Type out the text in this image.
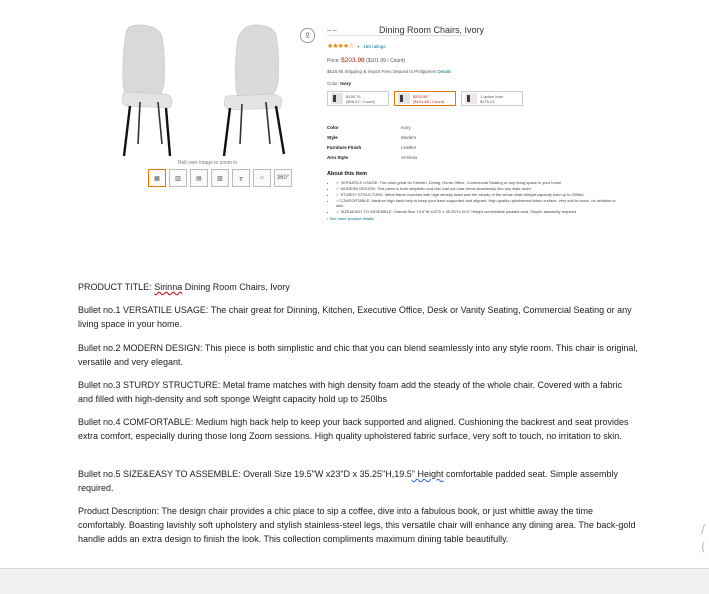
⇪
Roll over image to zoom in
▦	▥	▤	▧	╥	☼	360°
– –	Dining Room Chairs, Ivory
★★★★☆ ▾ 165 ratings
Price: $203.98 ($101.99 / Count)
$516.95 Shipping & Import Fees Deposit to Philippines Details
Color: Ivory
$155.75
($06.67 / Count)
$203.98
($101.88 / Count)
1 option from
$175.23
Color	Ivory
Style	Modern
Furniture Finish	Leather
Arm Style	Armless
About this item
• ✓ VERSATILE USAGE: The chair great for Kitchen, Dining, Home Office, Commercial Seating or any living space in your home.
• ✓ MODERN DESIGN: This piece is both simplistic and chic that you can blend seamlessly into any style room.
• ✓ STURDY STRUCTURE: Metal frame matches with high density foam add the steady of the whole chair.Weight capacity hold up to 250lbs
• ✓COMFORTABLE: Medium high back help to keep your back supported and aligned. High quality upholstered fabric surface, very soft to touch, no irritation to skin.
• ✓ SIZE&EASY TO ASSEMBLE: Overall Size 19.5"W x23"D x 35.25"H,19.5" Height comfortable padded seat. Simple assembly required.
› See more product details

PRODUCT TITLE: Sirinna Dining Room Chairs, Ivory

Bullet no.1 VERSATILE USAGE: The chair great for Dinning, Kitchen, Executive Office, Desk or Vanity Seating, Commercial Seating or any living space in your home.

Bullet no.2 MODERN DESIGN: This piece is both simplistic and chic that you can blend seamlessly into any style room. This chair is original, versatile and very elegant.

Bullet no.3 STURDY STRUCTURE: Metal frame matches with high density foam add the steady of the whole chair. Covered with a fabric and filled with high-density and soft sponge Weight capacity hold up to 250lbs

Bullet no.4 COMFORTABLE: Medium high back help to keep your back supported and aligned. Cushioning the backrest and seat provides extra comfort, especially during those long Zoom sessions. High quality upholstered fabric surface, very soft to touch, no irritation to skin.

Bullet no.5 SIZE&EASY TO ASSEMBLE: Overall Size 19.5"W x23"D x 35.25"H,19.5" Height comfortable padded seat. Simple assembly required.

Product Description: The design chair provides a chic place to sip a coffee, dive into a fabulous book, or just whittle away the time comfortably. Boasting lavishly soft upholstery and stylish stainless-steel legs, this versatile chair will enhance any dining area. The back-gold handle adds an extra design to finish the look. This collection compliments maximum dining table beautifully.

/
(
